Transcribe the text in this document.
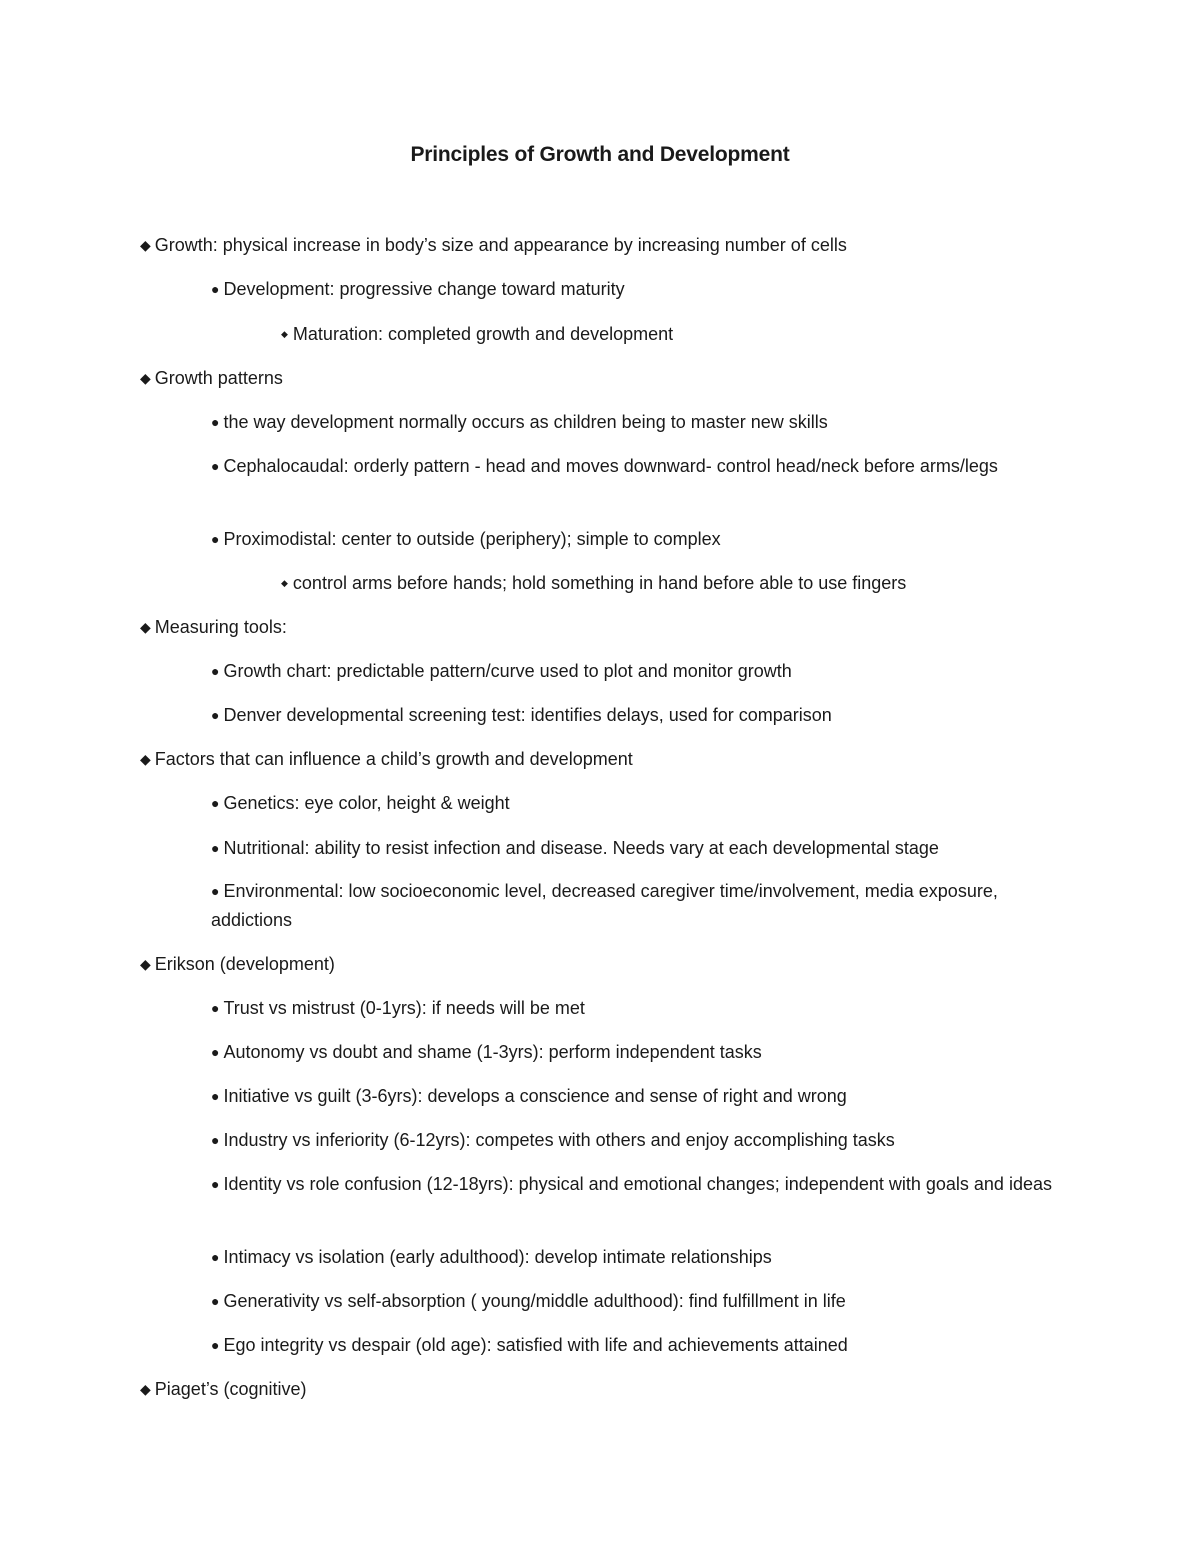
Principles of Growth and Development
◆ Growth: physical increase in body’s size and appearance by increasing number of cells
● Development: progressive change toward maturity
◆ Maturation: completed growth and development
◆ Growth patterns
● the way development normally occurs as children being to master new skills
● Cephalocaudal: orderly pattern - head and moves downward- control head/neck before arms/legs
● Proximodistal: center to outside (periphery); simple to complex
◆ control arms before hands; hold something in hand before able to use fingers
◆ Measuring tools:
● Growth chart: predictable pattern/curve used to plot and monitor growth
● Denver developmental screening test: identifies delays, used for comparison
◆ Factors that can influence a child’s growth and development
● Genetics: eye color, height & weight
● Nutritional: ability to resist infection and disease. Needs vary at each developmental stage
● Environmental: low socioeconomic level, decreased caregiver time/involvement, media exposure, addictions
◆ Erikson (development)
● Trust vs mistrust (0-1yrs): if needs will be met
● Autonomy vs doubt and shame (1-3yrs): perform independent tasks
● Initiative vs guilt (3-6yrs): develops a conscience and sense of right and wrong
● Industry vs inferiority (6-12yrs): competes with others and enjoy accomplishing tasks
● Identity vs role confusion (12-18yrs): physical and emotional changes; independent with goals and ideas
● Intimacy vs isolation (early adulthood): develop intimate relationships
● Generativity vs self-absorption ( young/middle adulthood): find fulfillment in life
● Ego integrity vs despair (old age): satisfied with life and achievements attained
◆ Piaget’s (cognitive)
